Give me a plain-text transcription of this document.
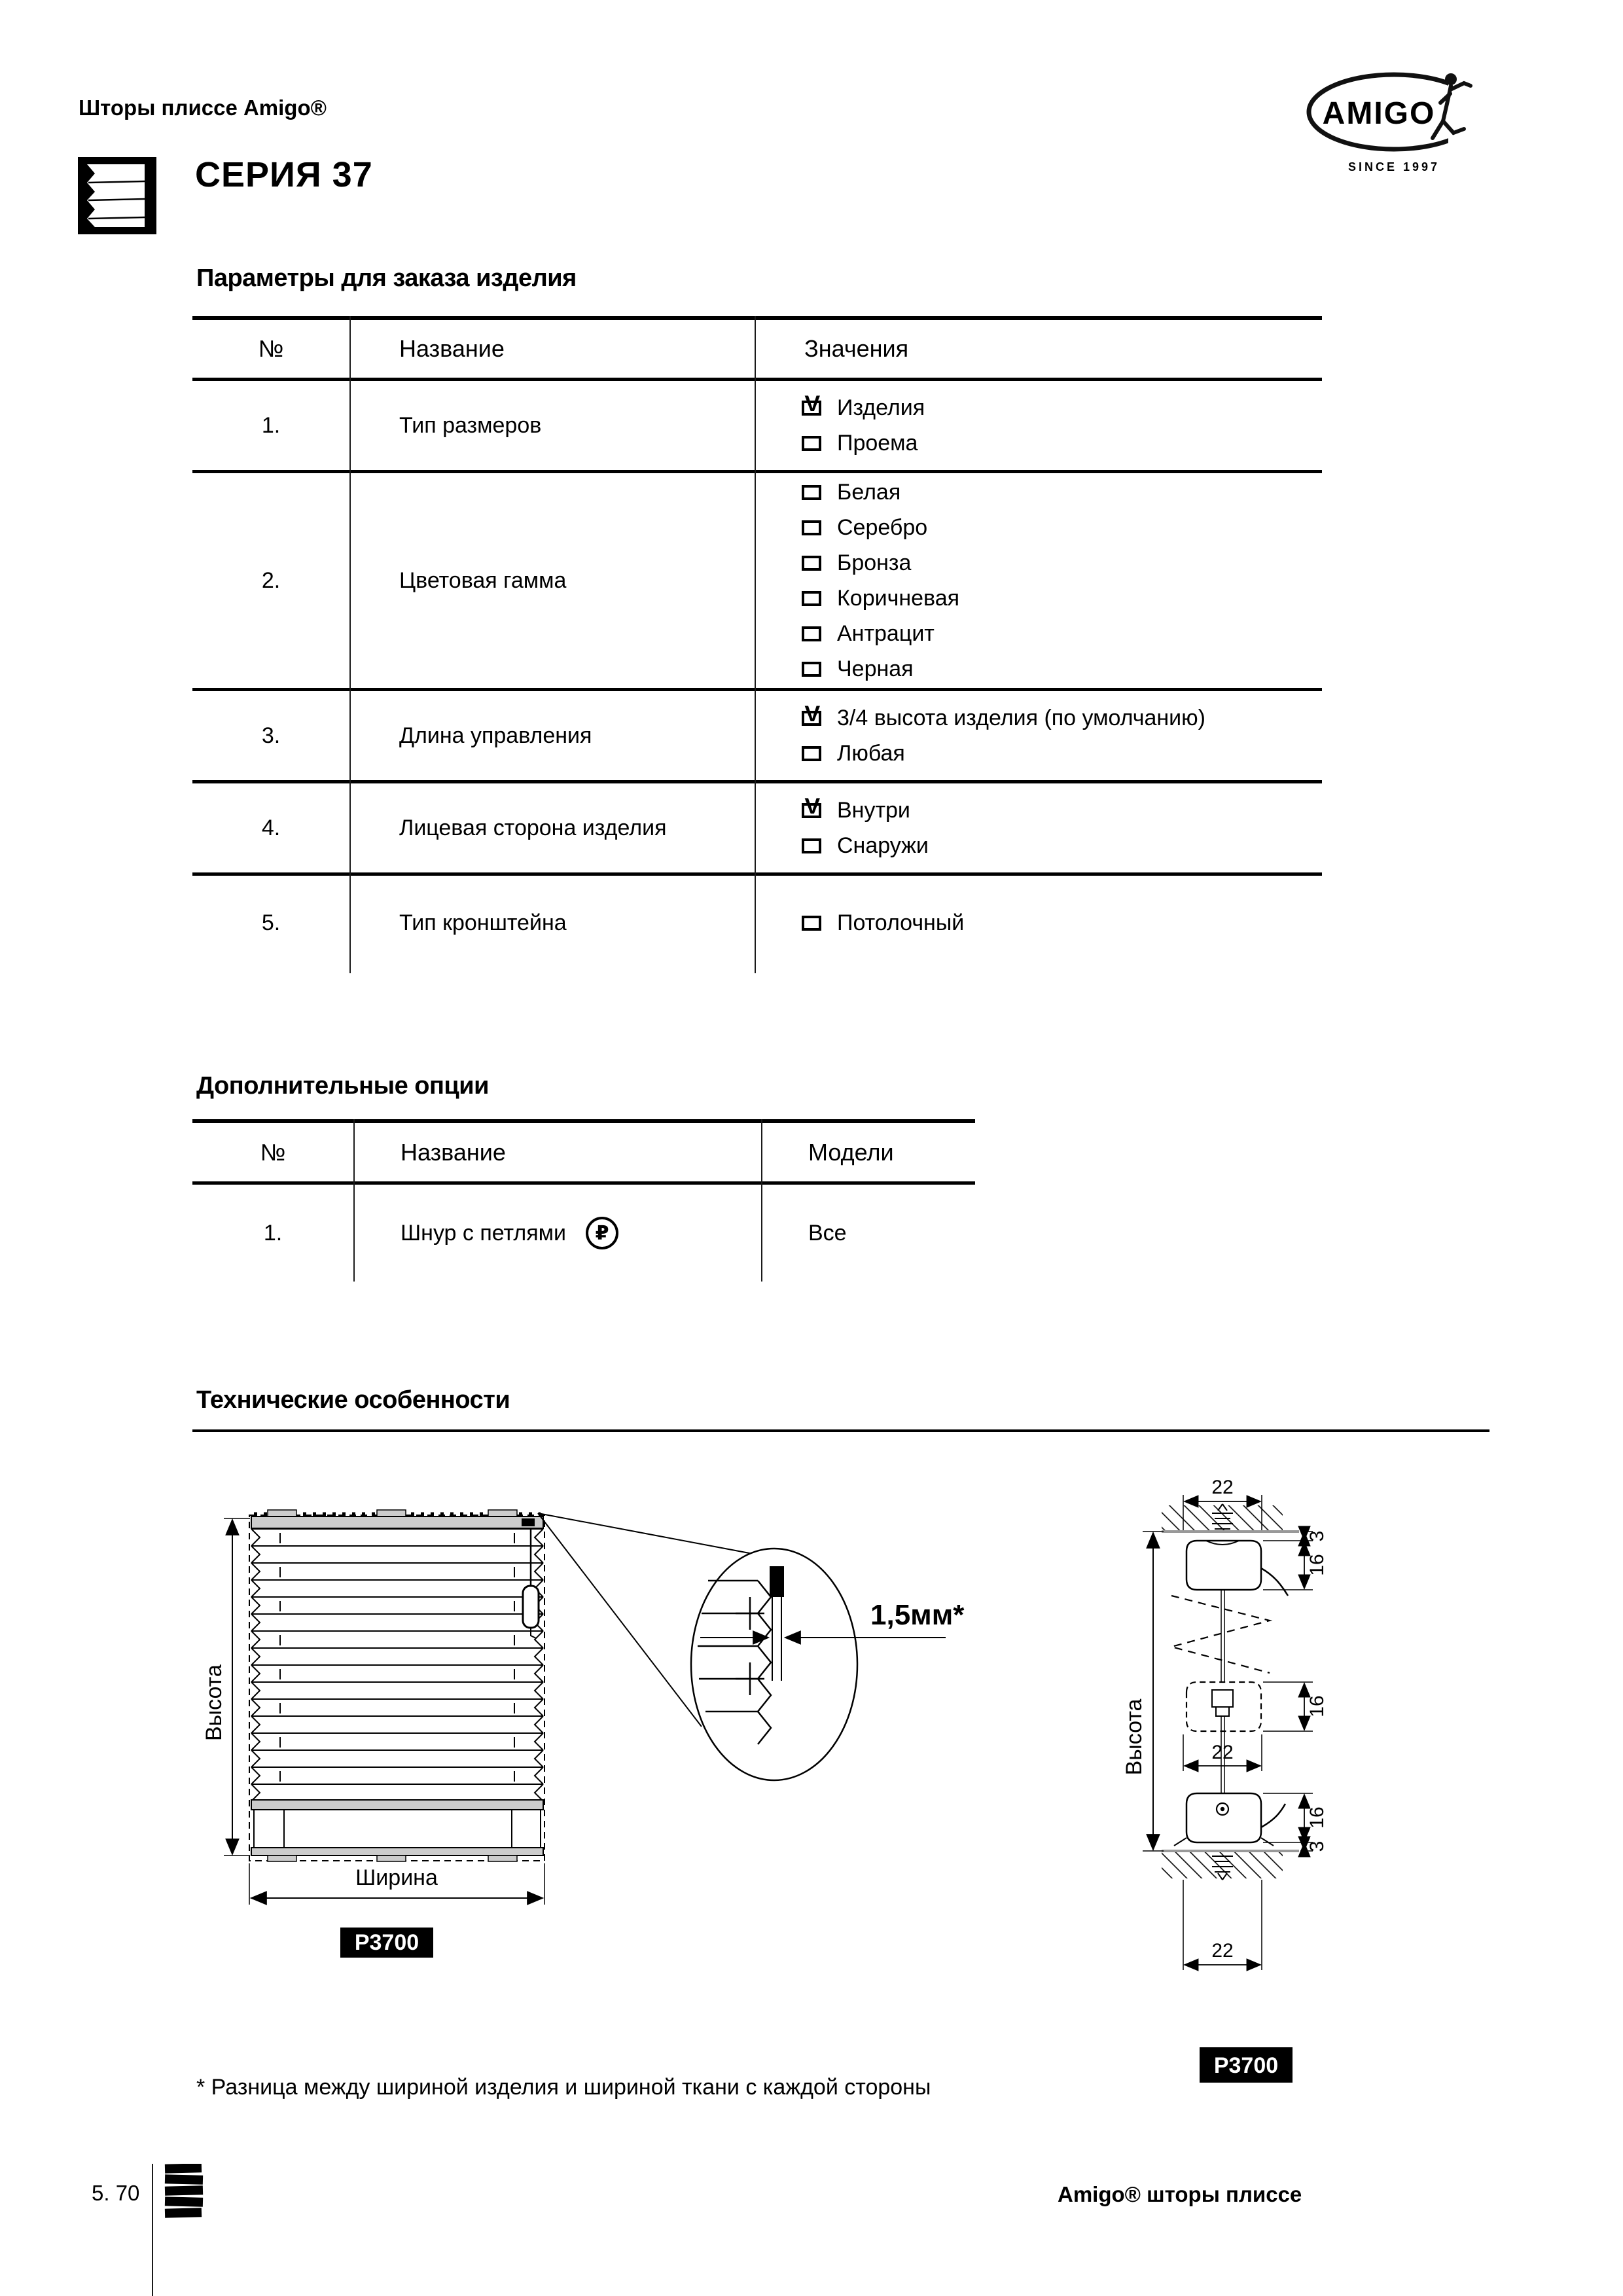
Шторы плиссе Amigo®	AMIGO
SINCE 1997
СЕРИЯ 37
Параметры для заказа изделия
№	Название	Значения
1.	Тип размеров
V Изделия
Проема
2.	Цветовая гамма
Белая
Серебро
Бронза
Коричневая
Антрацит
Черная
3.	Длина управления
V 3/4 высота изделия (по умолчанию)
Любая
4.	Лицевая сторона изделия
V Внутри
Снаружи
5.	Тип кронштейна	Потолочный
Дополнительные опции
№	Название	Модели
1.	Шнур с петлями	₽	Все
Технические особенности
Высота
Ширина
P3700
1,5мм*
22
22
22
3
16
16
16
3
Высота
P3700
* Разница между шириной изделия и шириной ткани с каждой стороны
5. 70	Amigo® шторы плиссе
